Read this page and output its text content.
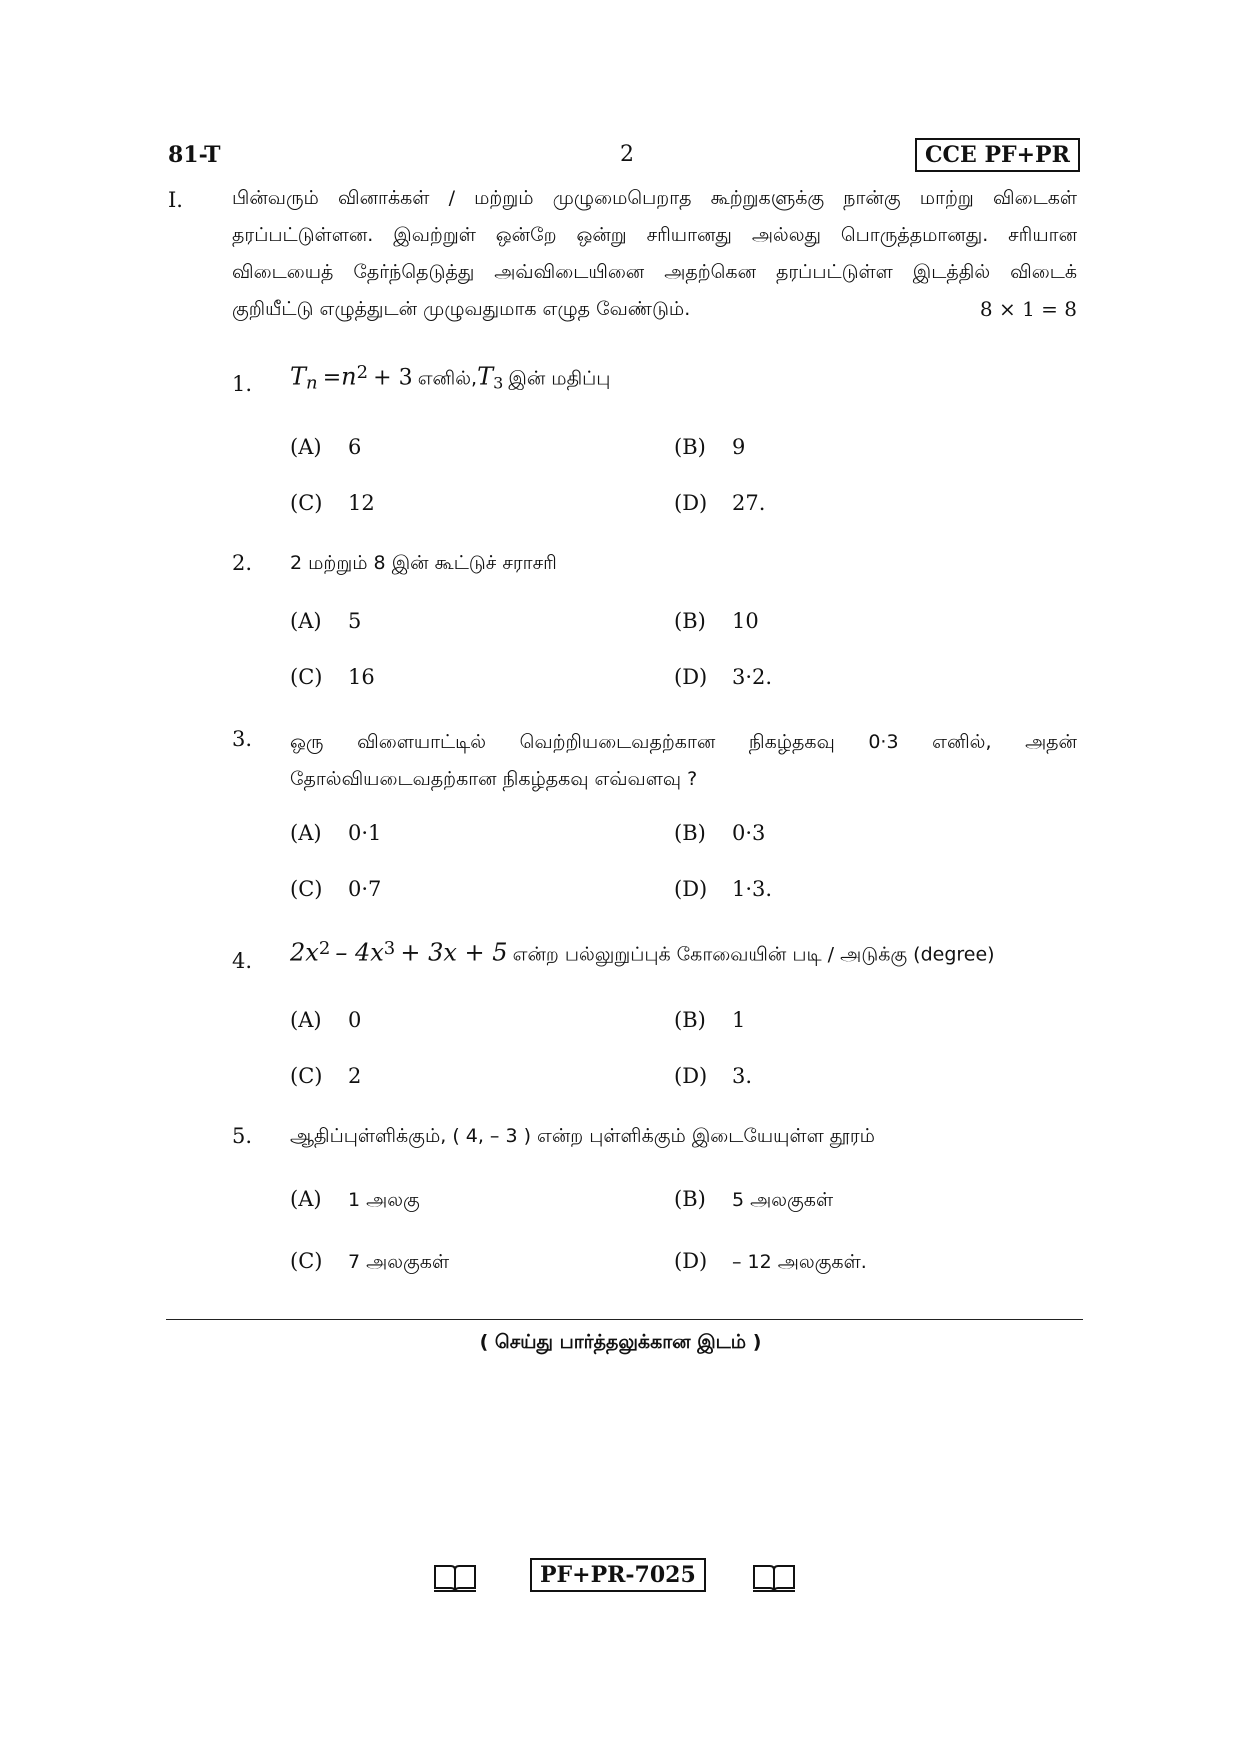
81-T	2	CCE PF+PR
I.	பின்வரும் வினாக்கள் / மற்றும் முழுமைபெறாத கூற்றுகளுக்கு நான்கு மாற்று விடைகள் தரப்பட்டுள்ளன. இவற்றுள் ஒன்றே ஒன்று சரியானது அல்லது பொருத்தமானது. சரியான விடையைத் தேர்ந்தெடுத்து அவ்விடையினை அதற்கென தரப்பட்டுள்ள இடத்தில் விடைக் குறியீட்டு எழுத்துடன் முழுவதுமாக எழுத வேண்டும்.	8 × 1 = 8
1. $T_n =n^2 + 3$ $எனில்,T_3$ இன் மதிப்பு
(A) 6	(B) 9
(C) 12	(D) 27.
2. 2 மற்றும் 8 இன் கூட்டுச் சராசரி
(A) 5	(B) 10
(C) 16	(D) 3·2.
3. ஒரு விளையாட்டில் வெற்றியடைவதற்கான நிகழ்தகவு 0·3 எனில், அதன் தோல்வியடைவதற்கான நிகழ்தகவு எவ்வளவு ?
(A) 0·1	(B) 0·3
(C) 0·7	(D) 1·3.
4. $2x^2 - 4x^3 + 3x + 5$ என்ற பல்லுறுப்புக் கோவையின் படி / அடுக்கு (degree)
(A) 0	(B) 1
(C) 2	(D) 3.
5. ஆதிப்புள்ளிக்கும், ( 4, – 3 ) என்ற புள்ளிக்கும் இடையேயுள்ள தூரம்
(A) 1 அலகு	(B) 5 அலகுகள்
(C) 7 அலகுகள்	(D) – 12 அலகுகள்.
( செய்து பார்த்தலுக்கான இடம் )
PF+PR-7025
